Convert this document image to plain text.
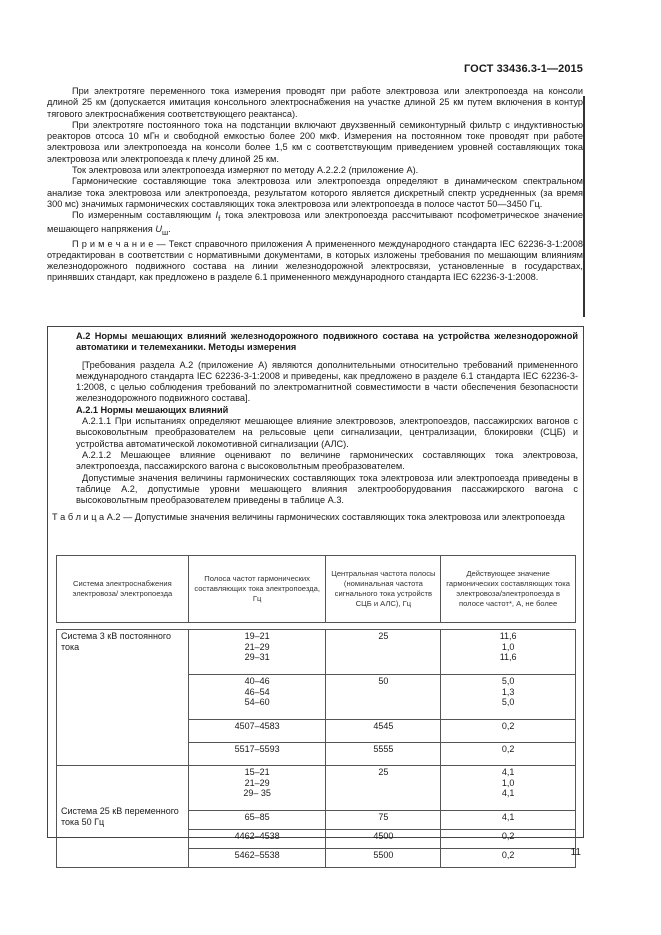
ГОСТ 33436.3-1—2015

При электротяге переменного тока измерения проводят при работе электровоза или электропоезда на консоли длиной 25 км (допускается имитация консольного электроснабжения на участке длиной 25 км путем включения в контур тягового электроснабжения соответствующего реактанса).

При электротяге постоянного тока на подстанции включают двухзвенный семиконтурный фильтр с индуктивностью реакторов отсоса 10 мГн и свободной емкостью более 200 мкФ. Измерения на постоянном токе проводят при работе электровоза или электропоезда на консоли более 1,5 км с соответствующим приведением уровней составляющих тока электровоза или электропоезда к плечу длиной 25 км.

Ток электровоза или электропоезда измеряют по методу А.2.2.2 (приложение А).

Гармонические составляющие тока электровоза или электропоезда определяют в динамическом спектральном анализе тока электровоза или электропоезда, результатом которого является дискретный спектр усредненных (за время 300 мс) значимых гармонических составляющих тока электровоза или электропоезда в полосе частот 50—3450 Гц.

По измеренным составляющим $I_f$ тока электровоза или электропоезда рассчитывают псофометрическое значение мешающего напряжения $U_ш$.

П р и м е ч а н и е — Текст справочного приложения А примененного международного стандарта IEC 62236-3-1:2008 отредактирован в соответствии с нормативными документами, в которых изложены требования по мешающим влияниям железнодорожного подвижного состава на линии железнодорожной электросвязи, установленные в государствах, принявших стандарт, как предложено в разделе 6.1 примененного международного стандарта IEC 62236-3-1:2008.

А.2 Нормы мешающих влияний железнодорожного подвижного состава на устройства железнодорожной автоматики и телемеханики. Методы измерения

[Требования раздела А.2 (приложение А) являются дополнительными относительно требований примененного международного стандарта IEC 62236-3-1:2008 и приведены, как предложено в разделе 6.1 стандарта IEC 62236-3-1:2008, с целью соблюдения требований по электромагнитной совместимости в части обеспечения безопасности железнодорожного подвижного состава].

А.2.1 Нормы мешающих влияний

А.2.1.1 При испытаниях определяют мешающее влияние электровозов, электропоездов, пассажирских вагонов с высоковольтным преобразователем на рельсовые цепи сигнализации, централизации, блокировки (СЦБ) и устройства автоматической локомотивной сигнализации (АЛС).

А.2.1.2 Мешающее влияние оценивают по величине гармонических составляющих тока электровоза, электропоезда, пассажирского вагона с высоковольтным преобразователем.

Допустимые значения величины гармонических составляющих тока электровоза или электропоезда приведены в таблице А.2, допустимые уровни мешающего влияния электрооборудования пассажирского вагона с высоковольтным преобразователем приведены в таблице А.3.

Т а б л и ц а А.2 — Допустимые значения величины гармонических составляющих тока электровоза или электропоезда

Система электроснабжения электровоза/ электропоезда	Полоса частот гармонических составляющих тока электропоезда, Гц	Центральная частота полосы (номинальная частота сигнального тока устройств СЦБ и АЛС), Гц	Действующее значение гармонических составляющих тока электровоза/электропоезда в полосе частот*, А, не более

Система 3 кВ постоянного тока	19–21
21–29
29–31	25	11,6
1,0
11,6
	40–46
46–54
54–60	50	5,0
1,3
5,0
	4507–4583	4545	0,2
	5517–5593	5555	0,2
Система 25 кВ переменного тока 50 Гц	15–21
21–29
29– 35	25	4,1
1,0
4,1
	65–85	75	4,1
	4462–4538	4500	0,2
	5462–5538	5500	0,2	11
